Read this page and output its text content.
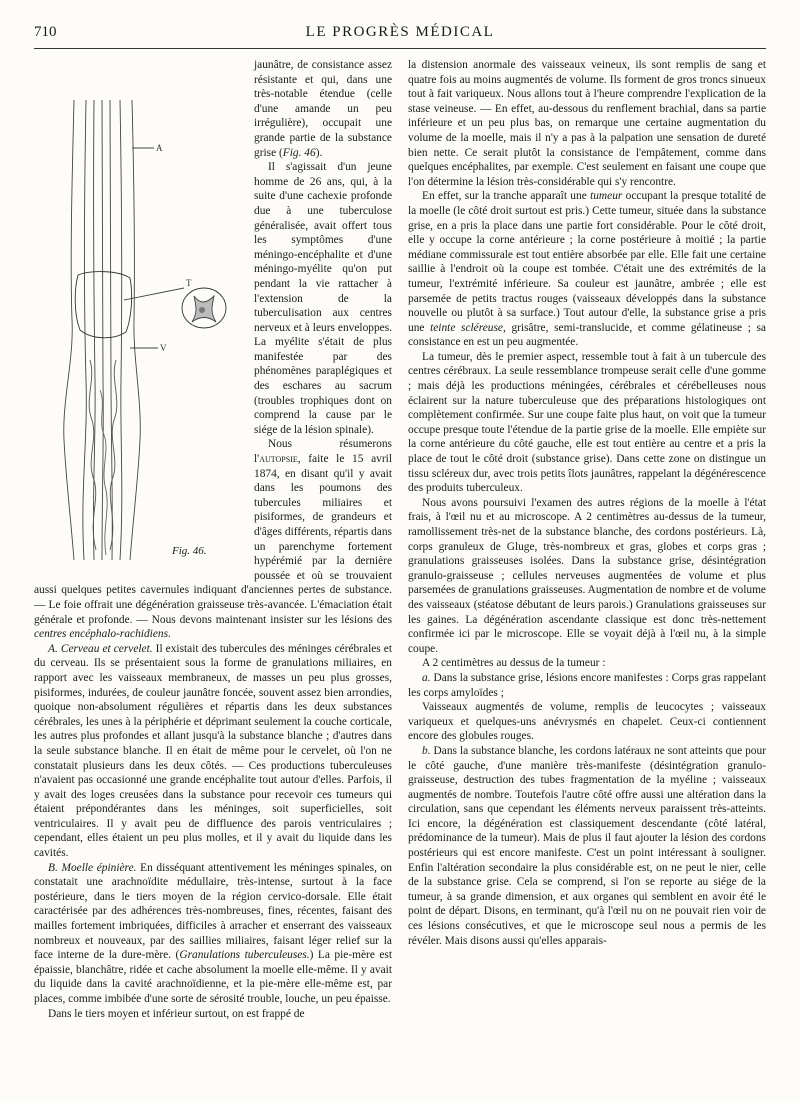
710	LE PROGRÈS MÉDICAL
A
T
V
Fig. 46.

jaunâtre, de consistance assez résistante et qui, dans une très-notable étendue (celle d'une amande un peu irrégulière), occupait une grande partie de la substance grise (Fig. 46).

Il s'agissait d'un jeune homme de 26 ans, qui, à la suite d'une cachexie profonde due à une tuberculose généralisée, avait offert tous les symptômes d'une méningo-encéphalite et d'une méningo-myélite qu'on put pendant la vie rattacher à l'extension de la tuberculisation aux centres nerveux et à leurs enveloppes. La myélite s'était de plus manifestée par des phénomènes paraplégiques et des eschares au sacrum (troubles trophiques dont on comprend la cause par le siége de la lésion spinale).

Nous résumerons l'autopsie, faite le 15 avril 1874, en disant qu'il y avait dans les poumons des tubercules miliaires et pisiformes, de grandeurs et d'âges différents, répartis dans un parenchyme fortement hypérémié par la dernière poussée et où se trouvaient aussi quelques petites cavernules indiquant d'anciennes pertes de substance. — Le foie offrait une dégénération graisseuse très-avancée. L'émaciation était générale et profonde. — Nous devons maintenant insister sur les lésions des centres encéphalo-rachidiens.

A. Cerveau et cervelet. Il existait des tubercules des méninges cérébrales et du cerveau. Ils se présentaient sous la forme de granulations miliaires, en rapport avec les vaisseaux membraneux, de masses un peu plus grosses, pisiformes, indurées, de couleur jaunâtre foncée, souvent assez bien arrondies, quoique non-absolument régulières et répartis dans les deux substances cérébrales, les unes à la périphérie et déprimant seulement la couche corticale, les autres plus profondes et allant jusqu'à la substance blanche ; d'autres dans la seule substance blanche. Il en était de même pour le cervelet, où l'on ne constatait plusieurs dans les deux côtés. — Ces productions tuberculeuses n'avaient pas occasionné une grande encéphalite tout autour d'elles. Parfois, il y avait des loges creusées dans la substance pour recevoir ces tumeurs qui étaient prépondérantes dans les méninges, soit superficielles, soit ventriculaires. Il y avait peu de diffluence des parois ventriculaires ; cependant, elles étaient un peu plus molles, et il y avait du liquide dans les cavités.

B. Moelle épinière. En disséquant attentivement les méninges spinales, on constatait une arachnoïdite médullaire, très-intense, surtout à la face postérieure, dans le tiers moyen de la région cervico-dorsale. Elle était caractérisée par des adhérences très-nombreuses, fines, récentes, faisant des mailles fortement imbriquées, difficiles à arracher et enserrant des vaisseaux nombreux et nouveaux, par des saillies miliaires, faisant léger relief sur la face interne de la dure-mère. (Granulations tuberculeuses.) La pie-mère est épaissie, blanchâtre, ridée et cache absolument la moelle elle-même. Il y avait du liquide dans la cavité arachnoïdienne, et la pie-mère elle-même est, par places, comme imbibée d'une sorte de sérosité trouble, louche, un peu épaisse.

Dans le tiers moyen et inférieur surtout, on est frappé de

la distension anormale des vaisseaux veineux, ils sont remplis de sang et quatre fois au moins augmentés de volume. Ils forment de gros troncs sinueux tout à fait variqueux. Nous allons tout à l'heure comprendre l'explication de la stase veineuse. — En effet, au-dessous du renflement brachial, dans sa partie inférieure et un peu plus bas, on remarque une certaine augmentation du volume de la moelle, mais il n'y a pas à la palpation une sensation de dureté bien nette. Ce serait plutôt la consistance de l'empâtement, comme dans quelques encéphalites, par exemple. C'est seulement en faisant une coupe que l'on détermine la lésion très-considérable qui s'y rencontre.

En effet, sur la tranche apparaît une tumeur occupant la presque totalité de la moelle (le côté droit surtout est pris.) Cette tumeur, située dans la substance grise, en a pris la place dans une partie fort considérable. Pour le côté droit, elle y occupe la corne antérieure ; la corne postérieure à moitié ; la partie médiane commissurale est tout entière absorbée par elle. Elle fait une certaine saillie à l'endroit où la coupe est tombée. C'était une des extrémités de la tumeur, l'extrémité inférieure. Sa couleur est jaunâtre, ambrée ; elle est parsemée de petits tractus rouges (vaisseaux développés dans la substance nouvelle ou plutôt à sa surface.) Tout autour d'elle, la substance grise a pris une teinte scléreuse, grisâtre, semi-translucide, et comme gélatineuse ; sa consistance en est un peu augmentée.

La tumeur, dès le premier aspect, ressemble tout à fait à un tubercule des centres cérébraux. La seule ressemblance trompeuse serait celle d'une gomme ; mais déjà les productions méningées, cérébrales et cérébelleuses nous éclairent sur la nature tuberculeuse que des préparations histologiques ont complètement confirmée. Sur une coupe faite plus haut, on voit que la tumeur occupe presque toute l'étendue de la partie grise de la moelle. Elle empiète sur la corne antérieure du côté gauche, elle est tout entière au centre et a pris la place de tout le côté droit (substance grise). Dans cette zone on distingue un tissu scléreux dur, avec trois petits îlots jaunâtres, rappelant la dégénérescence des produits tuberculeux.

Nous avons poursuivi l'examen des autres régions de la moelle à l'état frais, à l'œil nu et au microscope. A 2 centimètres au-dessus de la tumeur, ramollissement très-net de la substance blanche, des cordons postérieurs. Là, corps granuleux de Gluge, très-nombreux et gras, globes et corps gras ; granulations graisseuses isolées. Dans la substance grise, désintégration granulo-graisseuse ; cellules nerveuses augmentées de volume et plus parsemées de granulations graisseuses. Augmentation de nombre et de volume des vaisseaux (stéatose débutant de leurs parois.) Granulations graisseuses sur les gaines. La dégénération ascendante classique est donc très-nettement confirmée ici par le microscope. Elle se voyait déjà à l'œil nu, à la simple coupe.

A 2 centimètres au dessus de la tumeur :

a. Dans la substance grise, lésions encore manifestes : Corps gras rappelant les corps amyloïdes ;

Vaisseaux augmentés de volume, remplis de leucocytes ; vaisseaux variqueux et quelques-uns anévrysmés en chapelet. Ceux-ci contiennent encore des globules rouges.

b. Dans la substance blanche, les cordons latéraux ne sont atteints que pour le côté gauche, d'une manière très-manifeste (désintégration granulo-graisseuse, destruction des tubes fragmentation de la myéline ; vaisseaux augmentés de nombre. Toutefois l'autre côté offre aussi une altération dans la circulation, sans que cependant les éléments nerveux paraissent très-atteints. Ici encore, la dégénération est classiquement descendante (côté latéral, prédominance de la tumeur). Mais de plus il faut ajouter la lésion des cordons postérieurs qui est encore manifeste. C'est un point intéressant à souligner. Enfin l'altération secondaire la plus considérable est, on ne peut le nier, celle de la substance grise. Cela se comprend, si l'on se reporte au siége de la tumeur, à sa grande dimension, et aux organes qui semblent en avoir été le point de départ. Disons, en terminant, qu'à l'œil nu on ne pouvait rien voir de ces lésions consécutives, et que le microscope seul nous a permis de les révéler. Mais disons aussi qu'elles apparais-
